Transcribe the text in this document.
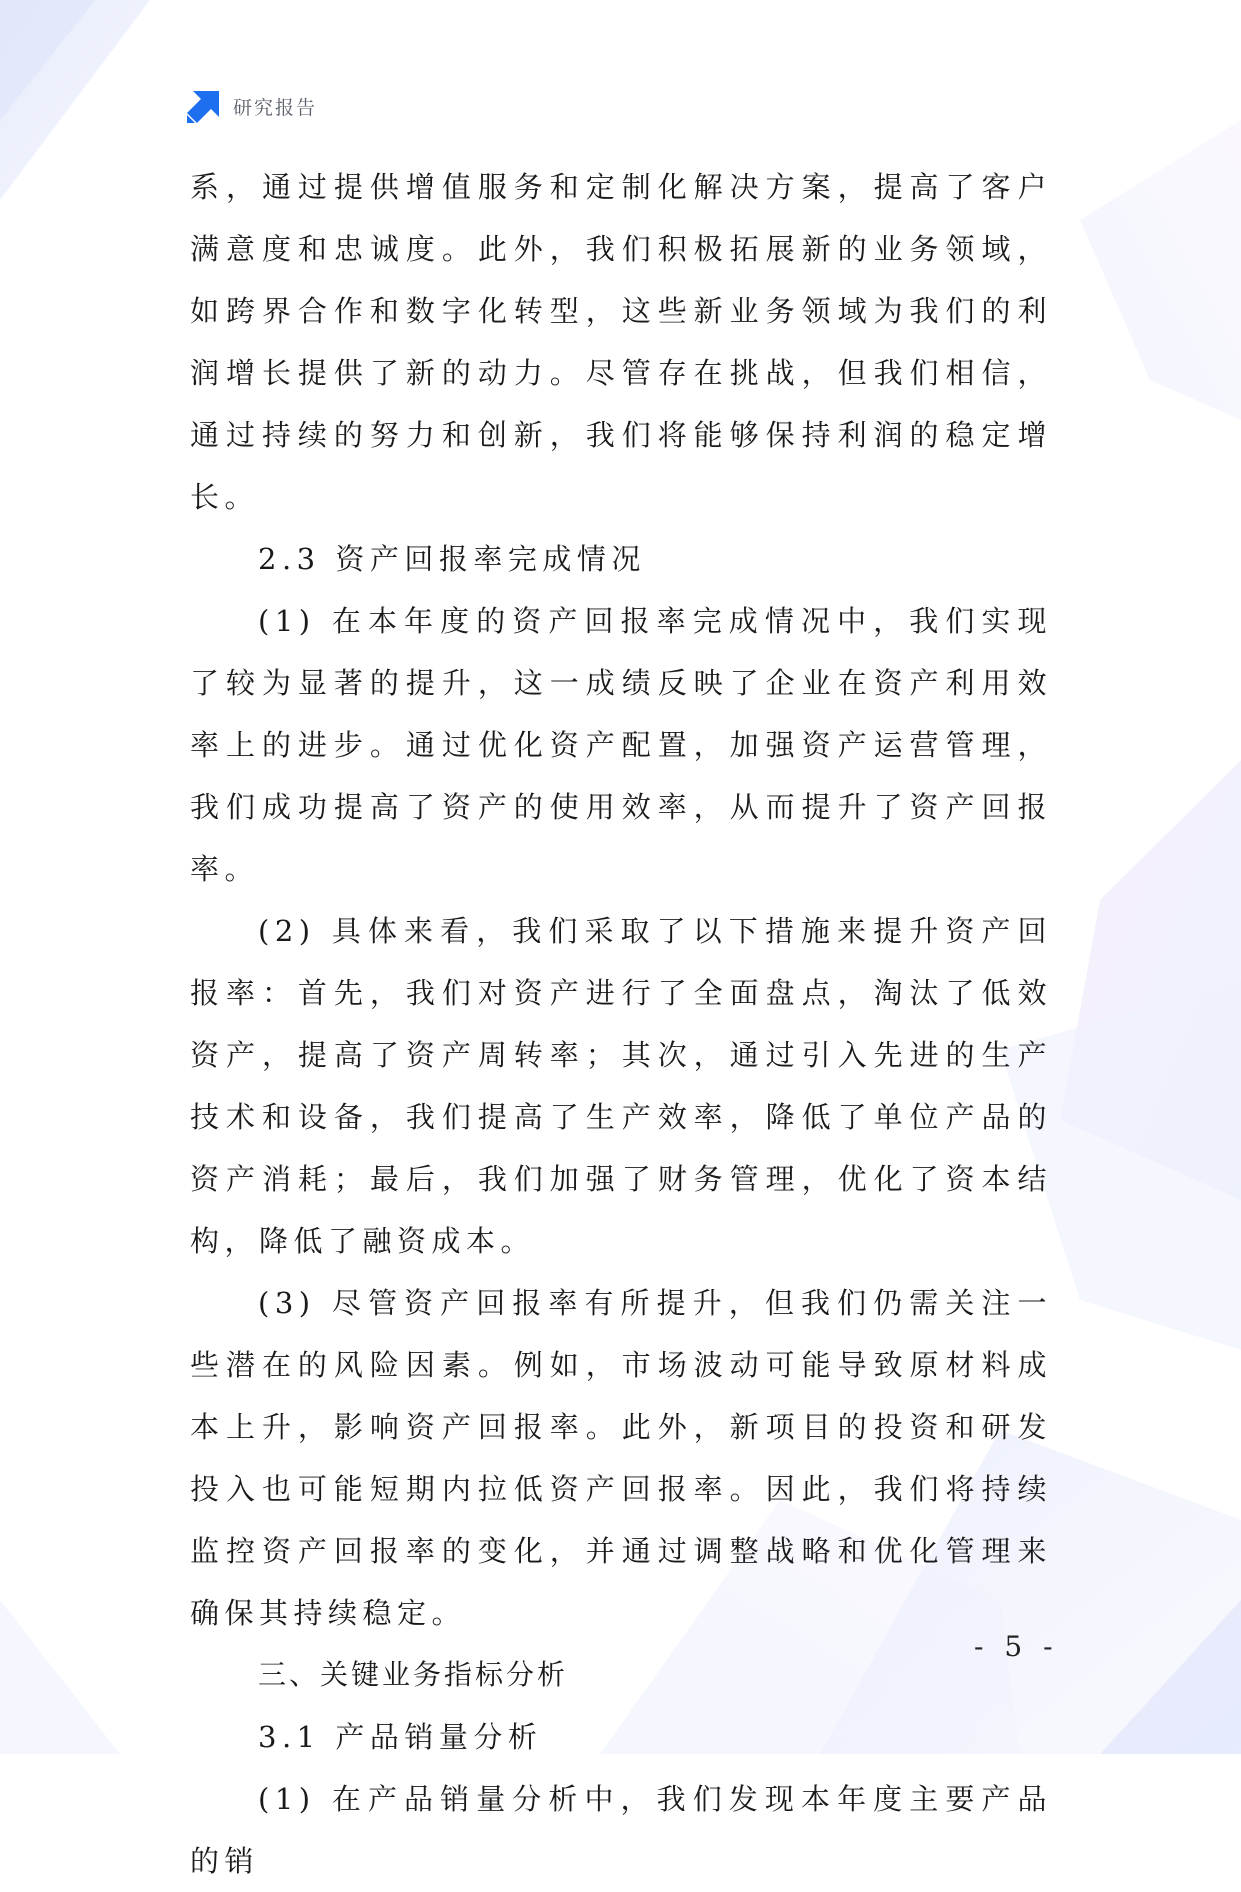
研究报告

系，通过提供增值服务和定制化解决方案，提高了客户满意度和忠诚度。此外，我们积极拓展新的业务领域，如跨界合作和数字化转型，这些新业务领域为我们的利润增长提供了新的动力。尽管存在挑战，但我们相信，通过持续的努力和创新，我们将能够保持利润的稳定增长。

2.3 资产回报率完成情况

(1) 在本年度的资产回报率完成情况中，我们实现了较为显著的提升，这一成绩反映了企业在资产利用效率上的进步。通过优化资产配置，加强资产运营管理，我们成功提高了资产的使用效率，从而提升了资产回报率。

(2) 具体来看，我们采取了以下措施来提升资产回报率：首先，我们对资产进行了全面盘点，淘汰了低效资产，提高了资产周转率；其次，通过引入先进的生产技术和设备，我们提高了生产效率，降低了单位产品的资产消耗；最后，我们加强了财务管理，优化了资本结构，降低了融资成本。

(3) 尽管资产回报率有所提升，但我们仍需关注一些潜在的风险因素。例如，市场波动可能导致原材料成本上升，影响资产回报率。此外，新项目的投资和研发投入也可能短期内拉低资产回报率。因此，我们将持续监控资产回报率的变化，并通过调整战略和优化管理来确保其持续稳定。

三、关键业务指标分析
3.1 产品销量分析

(1) 在产品销量分析中，我们发现本年度主要产品的销

- 5 -
